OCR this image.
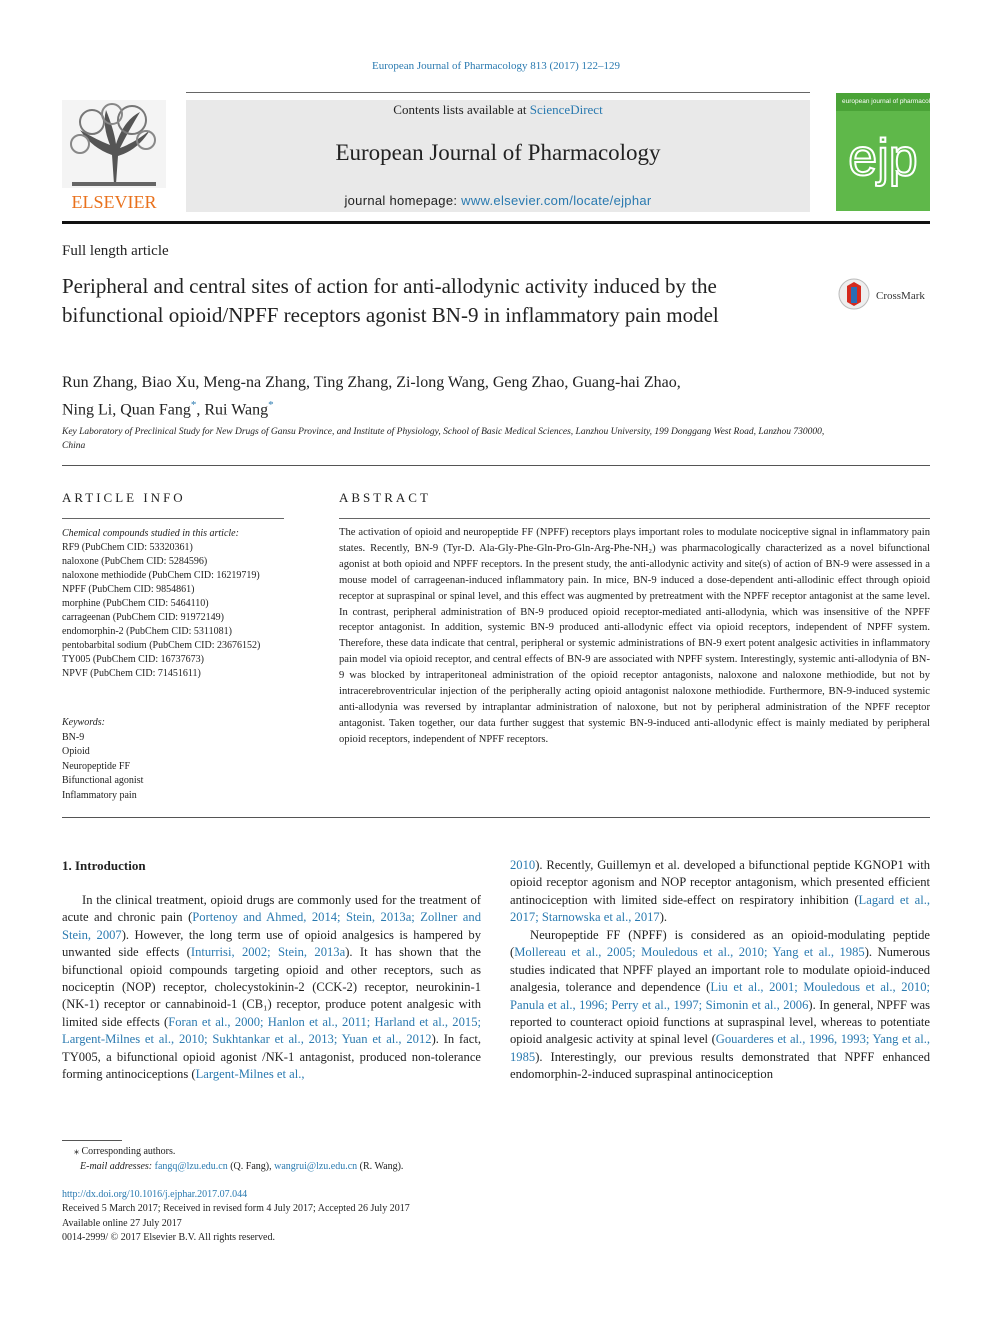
European Journal of Pharmacology 813 (2017) 122–129
ELSEVIER
Contents lists available at ScienceDirect
European Journal of Pharmacology
journal homepage: www.elsevier.com/locate/ejphar
european journal of pharmacology
ejp
Full length article
Peripheral and central sites of action for anti-allodynic activity induced by the bifunctional opioid/NPFF receptors agonist BN-9 in inflammatory pain model
CrossMark
Run Zhang, Biao Xu, Meng-na Zhang, Ting Zhang, Zi-long Wang, Geng Zhao, Guang-hai Zhao,
Ning Li, Quan Fang*, Rui Wang*
Key Laboratory of Preclinical Study for New Drugs of Gansu Province, and Institute of Physiology, School of Basic Medical Sciences, Lanzhou University, 199 Donggang West Road, Lanzhou 730000, China
ARTICLE INFO	ABSTRACT
Chemical compounds studied in this article:
RF9 (PubChem CID: 53320361)
naloxone (PubChem CID: 5284596)
naloxone methiodide (PubChem CID: 16219719)
NPFF (PubChem CID: 9854861)
morphine (PubChem CID: 5464110)
carrageenan (PubChem CID: 91972149)
endomorphin-2 (PubChem CID: 5311081)
pentobarbital sodium (PubChem CID: 23676152)
TY005 (PubChem CID: 16737673)
NPVF (PubChem CID: 71451611)
Keywords:
BN-9
Opioid
Neuropeptide FF
Bifunctional agonist
Inflammatory pain
The activation of opioid and neuropeptide FF (NPFF) receptors plays important roles to modulate nociceptive signal in inflammatory pain states. Recently, BN-9 (Tyr-D. Ala-Gly-Phe-Gln-Pro-Gln-Arg-Phe-NH₂) was pharmacologically characterized as a novel bifunctional agonist at both opioid and NPFF receptors. In the present study, the anti-allodynic activity and site(s) of action of BN-9 were assessed in a mouse model of carrageenan-induced inflammatory pain. In mice, BN-9 induced a dose-dependent anti-allodinic effect through opioid receptor at supraspinal or spinal level, and this effect was augmented by pretreatment with the NPFF receptor antagonist at the same level. In contrast, peripheral administration of BN-9 produced opioid receptor-mediated anti-allodynia, which was insensitive of the NPFF receptor antagonist. In addition, systemic BN-9 produced anti-allodynic effect via opioid receptors, independent of NPFF system. Therefore, these data indicate that central, peripheral or systemic administrations of BN-9 exert potent analgesic activities in inflammatory pain model via opioid receptor, and central effects of BN-9 are associated with NPFF system. Interestingly, systemic anti-allodynia of BN-9 was blocked by intraperitoneal administration of the opioid receptor antagonists, naloxone and naloxone methiodide, but not by intracerebroventricular injection of the peripherally acting opioid antagonist naloxone methiodide. Furthermore, BN-9-induced systemic anti-allodynia was reversed by intraplantar administration of naloxone, but not by peripheral administration of the NPFF receptor antagonist. Taken together, our data further suggest that systemic BN-9-induced anti-allodynic effect is mainly mediated by peripheral opioid receptors, independent of NPFF receptors.
1. Introduction
In the clinical treatment, opioid drugs are commonly used for the treatment of acute and chronic pain (Portenoy and Ahmed, 2014; Stein, 2013a; Zollner and Stein, 2007). However, the long term use of opioid analgesics is hampered by unwanted side effects (Inturrisi, 2002; Stein, 2013a). It has shown that the bifunctional opioid compounds targeting opioid and other receptors, such as nociceptin (NOP) receptor, cholecystokinin-2 (CCK-2) receptor, neurokinin-1 (NK-1) receptor or cannabinoid-1 (CB₁) receptor, produce potent analgesic with limited side effects (Foran et al., 2000; Hanlon et al., 2011; Harland et al., 2015; Largent-Milnes et al., 2010; Sukhtankar et al., 2013; Yuan et al., 2012). In fact, TY005, a bifunctional opioid agonist /NK-1 antagonist, produced non-tolerance forming antinociceptions (Largent-Milnes et al.,
2010). Recently, Guillemyn et al. developed a bifunctional peptide KGNOP1 with opioid receptor agonism and NOP receptor antagonism, which presented efficient antinociception with limited side-effect on respiratory inhibition (Lagard et al., 2017; Starnowska et al., 2017).
Neuropeptide FF (NPFF) is considered as an opioid-modulating peptide (Mollereau et al., 2005; Mouledous et al., 2010; Yang et al., 1985). Numerous studies indicated that NPFF played an important role to modulate opioid-induced analgesia, tolerance and dependence (Liu et al., 2001; Mouledous et al., 2010; Panula et al., 1996; Perry et al., 1997; Simonin et al., 2006). In general, NPFF was reported to counteract opioid functions at supraspinal level, whereas to potentiate opioid analgesic activity at spinal level (Gouarderes et al., 1996, 1993; Yang et al., 1985). Interestingly, our previous results demonstrated that NPFF enhanced endomorphin-2-induced supraspinal antinociception
⁎ Corresponding authors.
E-mail addresses: fangq@lzu.edu.cn (Q. Fang), wangrui@lzu.edu.cn (R. Wang).
http://dx.doi.org/10.1016/j.ejphar.2017.07.044
Received 5 March 2017; Received in revised form 4 July 2017; Accepted 26 July 2017
Available online 27 July 2017
0014-2999/ © 2017 Elsevier B.V. All rights reserved.
